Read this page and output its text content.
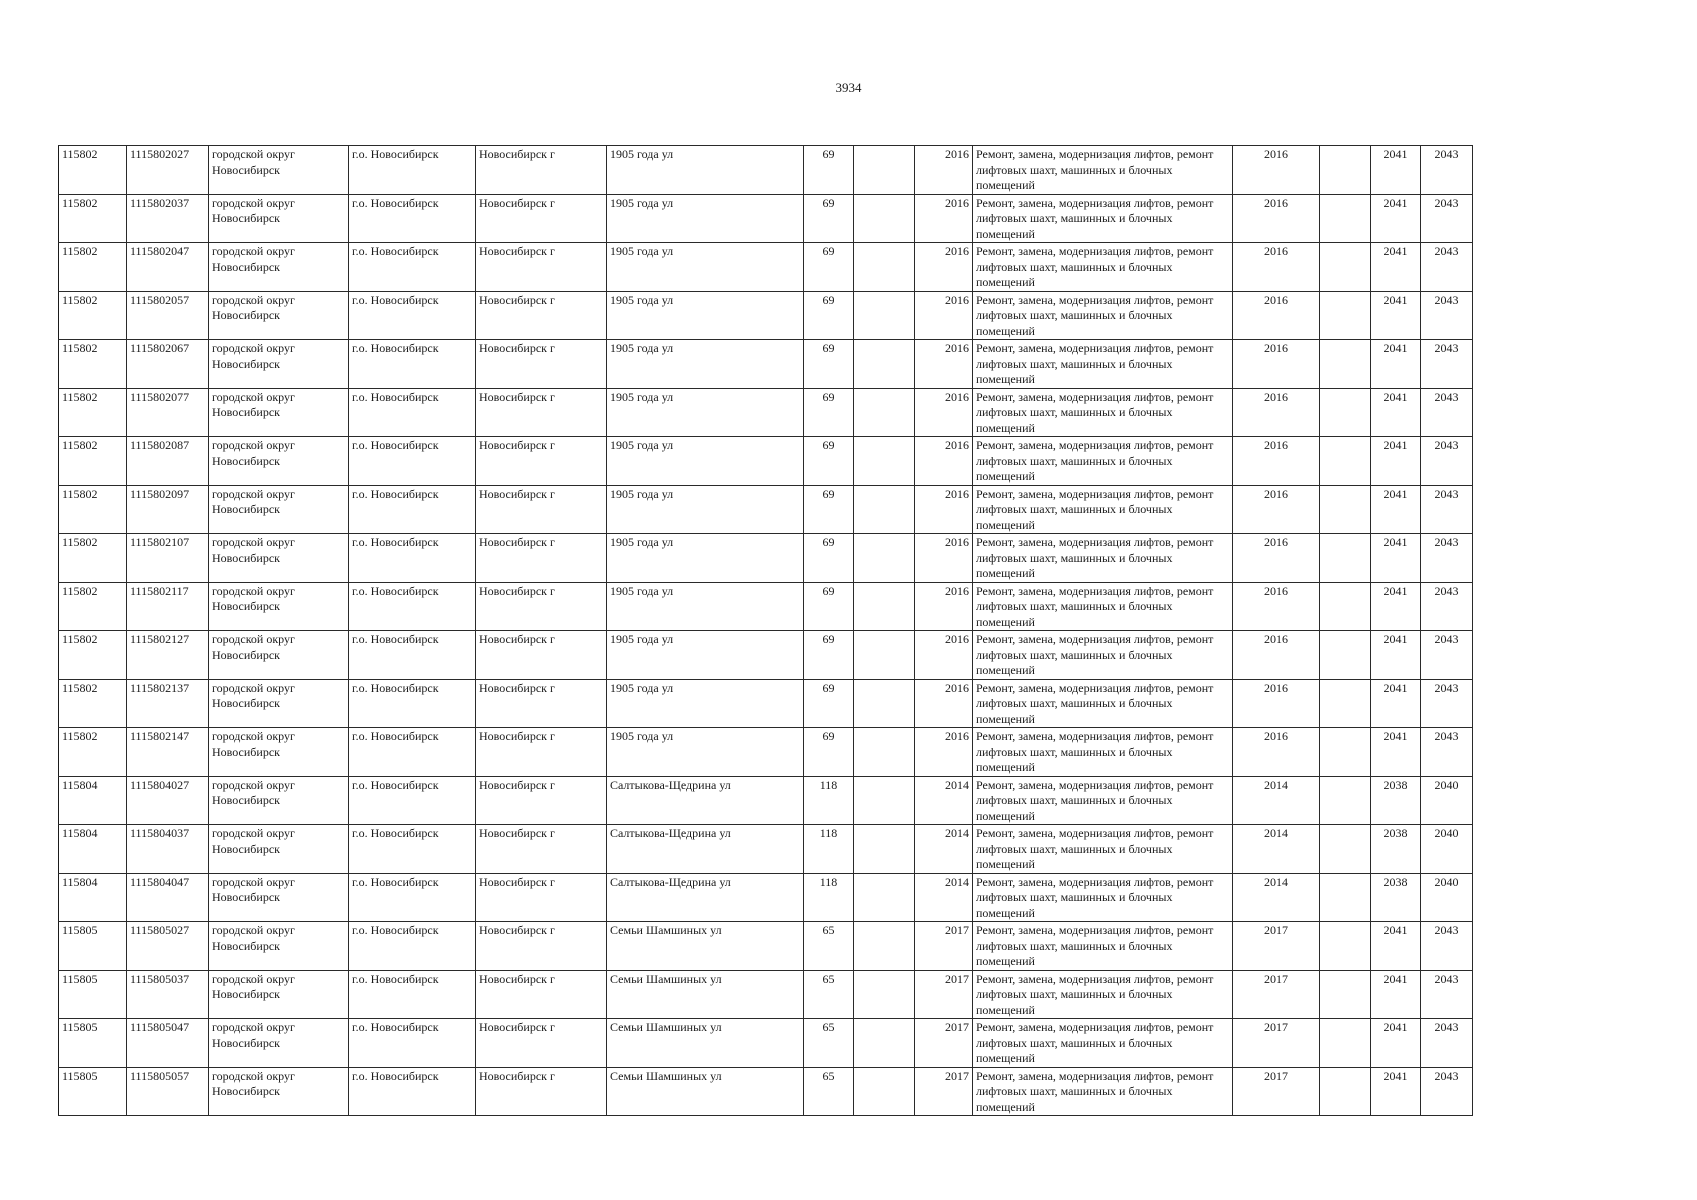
3934
115802	1115802027	городской округ Новосибирск	г.о. Новосибирск	Новосибирск г	1905 года ул	69		2016	Ремонт, замена, модернизация лифтов, ремонт лифтовых шахт, машинных и блочных помещений	2016		2041	2043
115802	1115802037	городской округ Новосибирск	г.о. Новосибирск	Новосибирск г	1905 года ул	69		2016	Ремонт, замена, модернизация лифтов, ремонт лифтовых шахт, машинных и блочных помещений	2016		2041	2043
115802	1115802047	городской округ Новосибирск	г.о. Новосибирск	Новосибирск г	1905 года ул	69		2016	Ремонт, замена, модернизация лифтов, ремонт лифтовых шахт, машинных и блочных помещений	2016		2041	2043
115802	1115802057	городской округ Новосибирск	г.о. Новосибирск	Новосибирск г	1905 года ул	69		2016	Ремонт, замена, модернизация лифтов, ремонт лифтовых шахт, машинных и блочных помещений	2016		2041	2043
115802	1115802067	городской округ Новосибирск	г.о. Новосибирск	Новосибирск г	1905 года ул	69		2016	Ремонт, замена, модернизация лифтов, ремонт лифтовых шахт, машинных и блочных помещений	2016		2041	2043
115802	1115802077	городской округ Новосибирск	г.о. Новосибирск	Новосибирск г	1905 года ул	69		2016	Ремонт, замена, модернизация лифтов, ремонт лифтовых шахт, машинных и блочных помещений	2016		2041	2043
115802	1115802087	городской округ Новосибирск	г.о. Новосибирск	Новосибирск г	1905 года ул	69		2016	Ремонт, замена, модернизация лифтов, ремонт лифтовых шахт, машинных и блочных помещений	2016		2041	2043
115802	1115802097	городской округ Новосибирск	г.о. Новосибирск	Новосибирск г	1905 года ул	69		2016	Ремонт, замена, модернизация лифтов, ремонт лифтовых шахт, машинных и блочных помещений	2016		2041	2043
115802	1115802107	городской округ Новосибирск	г.о. Новосибирск	Новосибирск г	1905 года ул	69		2016	Ремонт, замена, модернизация лифтов, ремонт лифтовых шахт, машинных и блочных помещений	2016		2041	2043
115802	1115802117	городской округ Новосибирск	г.о. Новосибирск	Новосибирск г	1905 года ул	69		2016	Ремонт, замена, модернизация лифтов, ремонт лифтовых шахт, машинных и блочных помещений	2016		2041	2043
115802	1115802127	городской округ Новосибирск	г.о. Новосибирск	Новосибирск г	1905 года ул	69		2016	Ремонт, замена, модернизация лифтов, ремонт лифтовых шахт, машинных и блочных помещений	2016		2041	2043
115802	1115802137	городской округ Новосибирск	г.о. Новосибирск	Новосибирск г	1905 года ул	69		2016	Ремонт, замена, модернизация лифтов, ремонт лифтовых шахт, машинных и блочных помещений	2016		2041	2043
115802	1115802147	городской округ Новосибирск	г.о. Новосибирск	Новосибирск г	1905 года ул	69		2016	Ремонт, замена, модернизация лифтов, ремонт лифтовых шахт, машинных и блочных помещений	2016		2041	2043
115804	1115804027	городской округ Новосибирск	г.о. Новосибирск	Новосибирск г	Салтыкова-Щедрина ул	118		2014	Ремонт, замена, модернизация лифтов, ремонт лифтовых шахт, машинных и блочных помещений	2014		2038	2040
115804	1115804037	городской округ Новосибирск	г.о. Новосибирск	Новосибирск г	Салтыкова-Щедрина ул	118		2014	Ремонт, замена, модернизация лифтов, ремонт лифтовых шахт, машинных и блочных помещений	2014		2038	2040
115804	1115804047	городской округ Новосибирск	г.о. Новосибирск	Новосибирск г	Салтыкова-Щедрина ул	118		2014	Ремонт, замена, модернизация лифтов, ремонт лифтовых шахт, машинных и блочных помещений	2014		2038	2040
115805	1115805027	городской округ Новосибирск	г.о. Новосибирск	Новосибирск г	Семьи Шамшиных ул	65		2017	Ремонт, замена, модернизация лифтов, ремонт лифтовых шахт, машинных и блочных помещений	2017		2041	2043
115805	1115805037	городской округ Новосибирск	г.о. Новосибирск	Новосибирск г	Семьи Шамшиных ул	65		2017	Ремонт, замена, модернизация лифтов, ремонт лифтовых шахт, машинных и блочных помещений	2017		2041	2043
115805	1115805047	городской округ Новосибирск	г.о. Новосибирск	Новосибирск г	Семьи Шамшиных ул	65		2017	Ремонт, замена, модернизация лифтов, ремонт лифтовых шахт, машинных и блочных помещений	2017		2041	2043
115805	1115805057	городской округ Новосибирск	г.о. Новосибирск	Новосибирск г	Семьи Шамшиных ул	65		2017	Ремонт, замена, модернизация лифтов, ремонт лифтовых шахт, машинных и блочных помещений	2017		2041	2043
